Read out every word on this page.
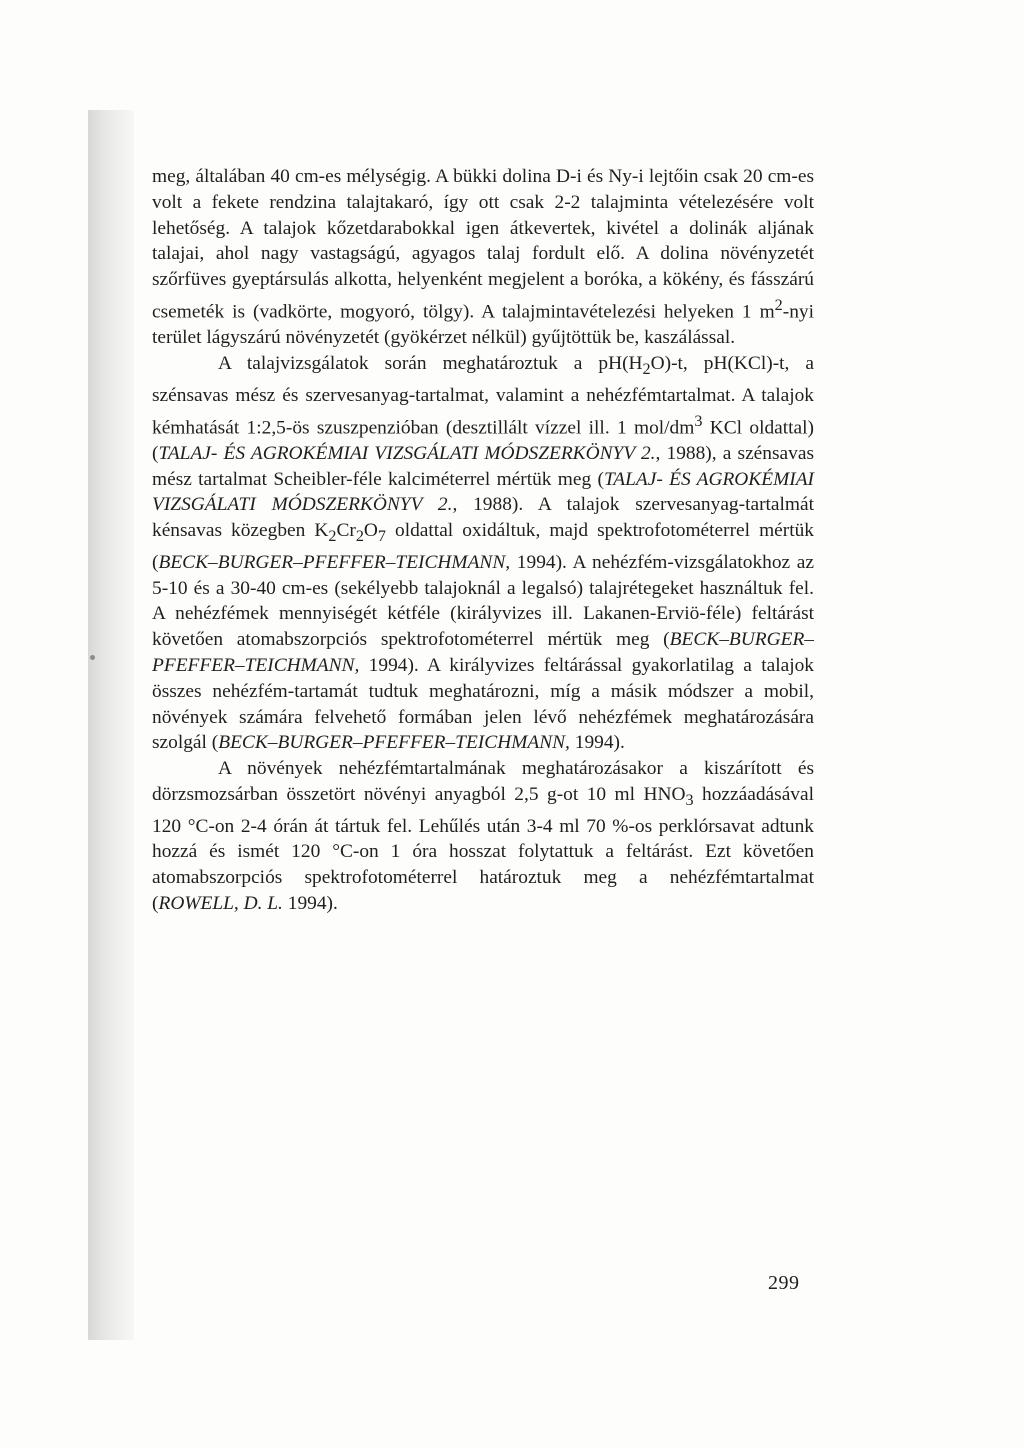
meg, általában 40 cm-es mélységig. A bükki dolina D-i és Ny-i lejtőin csak 20 cm-es volt a fekete rendzina talajtakaró, így ott csak 2-2 talajminta vételezésére volt lehetőség. A talajok kőzetdarabokkal igen átkevertek, kivétel a dolinák aljának talajai, ahol nagy vastagságú, agyagos talaj fordult elő. A dolina növényzetét szőrfüves gyeptársulás alkotta, helyenként megjelent a boróka, a kökény, és fásszárú csemeték is (vadkörte, mogyoró, tölgy). A talajmintavételezési helyeken 1 $m^2$-nyi terület lágyszárú növényzetét (gyökérzet nélkül) gyűjtöttük be, kaszálással.

A talajvizsgálatok során meghatároztuk a $pH(H_2O)-t$, pH(KCl)-t, a szénsavas mész és szervesanyag-tartalmat, valamint a nehézfémtartalmat. A talajok kémhatását 1:2,5-ös szuszpenzióban (desztillált vízzel ill. 1 mol/$dm^3$ KCl oldattal) (TALAJ- ÉS AGROKÉMIAI VIZSGÁLATI MÓDSZERKÖNYV 2., 1988), a szénsavas mész tartalmat Scheibler-féle kalciméterrel mértük meg (TALAJ- ÉS AGROKÉMIAI VIZSGÁLATI MÓDSZERKÖNYV 2., 1988). A talajok szervesanyag-tartalmát kénsavas közegben $K_2Cr_2O_7$ oldattal oxidáltuk, majd spektrofotométerrel mértük (BECK–BURGER–PFEFFER–TEICHMANN, 1994). A nehézfém-vizsgálatokhoz az 5-10 és a 30-40 cm-es (sekélyebb talajoknál a legalsó) talajrétegeket használtuk fel. A nehézfémek mennyiségét kétféle (királyvizes ill. Lakanen-Erviö-féle) feltárást követően atomabszorpciós spektrofotométerrel mértük meg (BECK–BURGER–PFEFFER–TEICHMANN, 1994). A királyvizes feltárással gyakorlatilag a talajok összes nehézfém-tartamát tudtuk meghatározni, míg a másik módszer a mobil, növények számára felvehető formában jelen lévő nehézfémek meghatározására szolgál (BECK–BURGER–PFEFFER–TEICHMANN, 1994).

A növények nehézfémtartalmának meghatározásakor a kiszárított és dörzsmozsárban összetört növényi anyagból 2,5 g-ot 10 ml $HNO_3$ hozzáadásával 120 °C-on 2-4 órán át tártuk fel. Lehűlés után 3-4 ml 70 %-os perklórsavat adtunk hozzá és ismét 120 °C-on 1 óra hosszat folytattuk a feltárást. Ezt követően atomabszorpciós spektrofotométerrel határoztuk meg a nehézfémtartalmat (ROWELL, D. L. 1994).

299
